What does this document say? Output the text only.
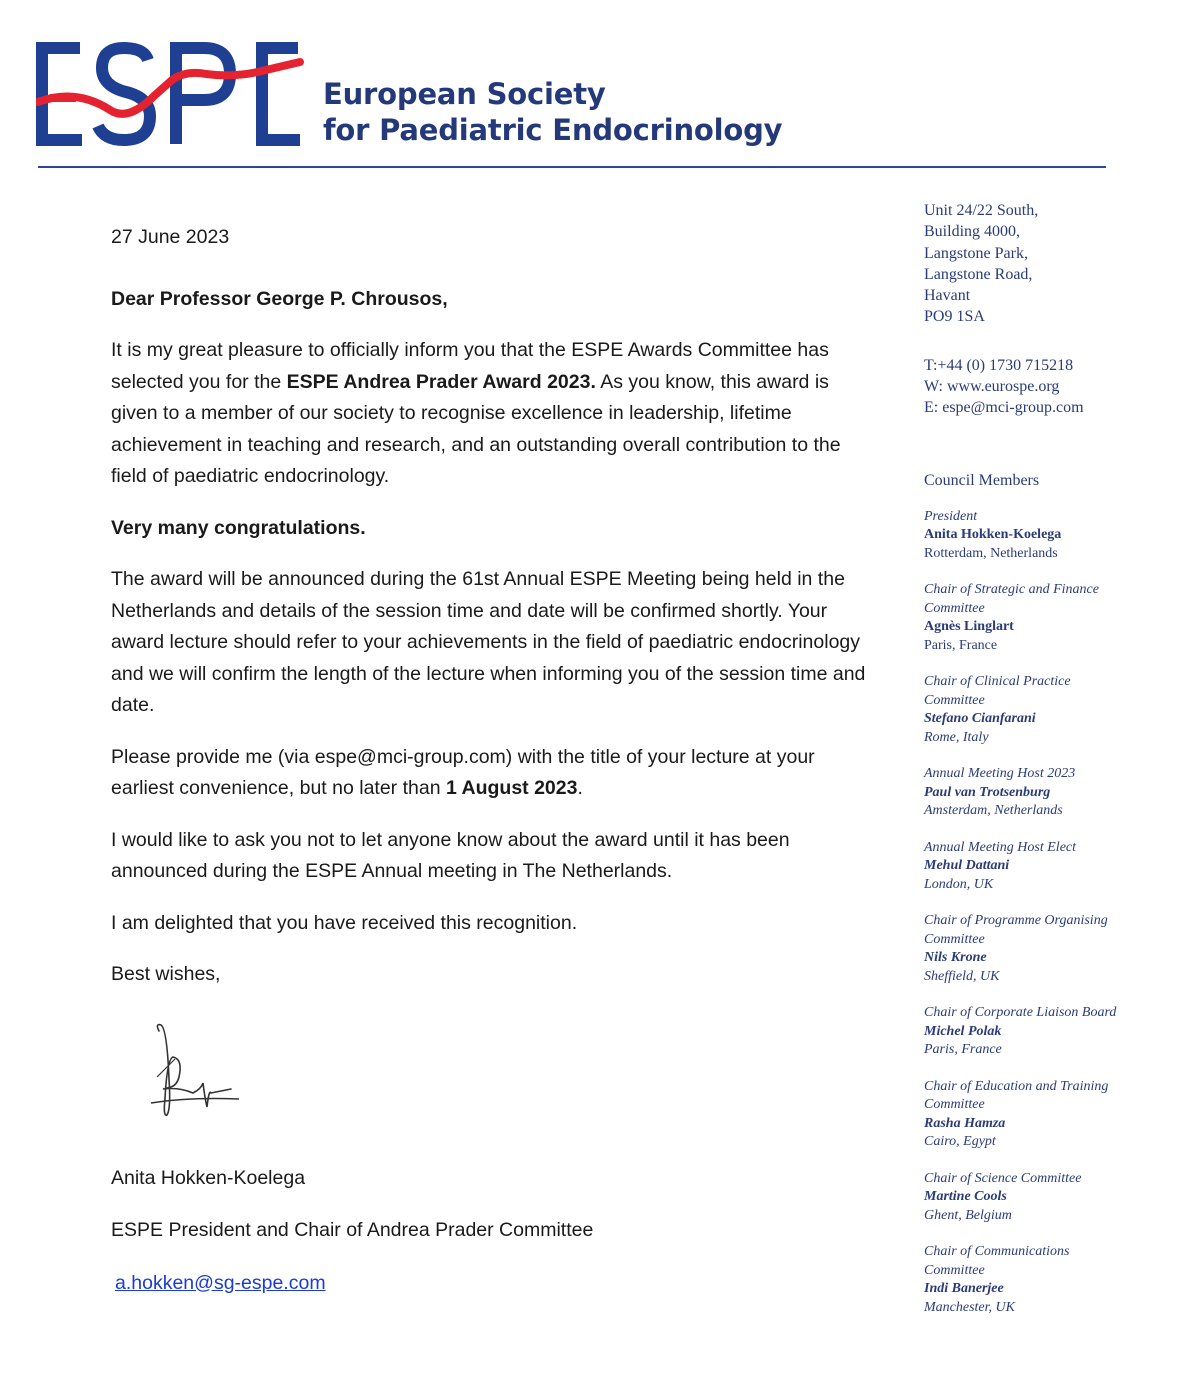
European Society
for Paediatric Endocrinology

27 June 2023

Dear Professor George P. Chrousos,

It is my great pleasure to officially inform you that the ESPE Awards Committee has selected you for the ESPE Andrea Prader Award 2023. As you know, this award is given to a member of our society to recognise excellence in leadership, lifetime achievement in teaching and research, and an outstanding overall contribution to the field of paediatric endocrinology.

Very many congratulations.

The award will be announced during the 61st Annual ESPE Meeting being held in the Netherlands and details of the session time and date will be confirmed shortly. Your award lecture should refer to your achievements in the field of paediatric endocrinology and we will confirm the length of the lecture when informing you of the session time and date.

Please provide me (via espe@mci-group.com) with the title of your lecture at your earliest convenience, but no later than 1 August 2023.

I would like to ask you not to let anyone know about the award until it has been announced during the ESPE Annual meeting in The Netherlands.

I am delighted that you have received this recognition.

Best wishes,

Anita Hokken-Koelega

ESPE President and Chair of Andrea Prader Committee

a.hokken@sg-espe.com

Unit 24/22 South,
Building 4000,
Langstone Park,
Langstone Road,
Havant
PO9 1SA
T:+44 (0) 1730 715218
W: www.eurospe.org
E: espe@mci-group.com
Council Members
President
Anita Hokken-Koelega
Rotterdam, Netherlands
Chair of Strategic and Finance
Committee
Agnès Linglart
Paris, France
Chair of Clinical Practice
Committee
Stefano Cianfarani
Rome, Italy
Annual Meeting Host 2023
Paul van Trotsenburg
Amsterdam, Netherlands
Annual Meeting Host Elect
Mehul Dattani
London, UK
Chair of Programme Organising
Committee
Nils Krone
Sheffield, UK
Chair of Corporate Liaison Board
Michel Polak
Paris, France
Chair of Education and Training
Committee
Rasha Hamza
Cairo, Egypt
Chair of Science Committee
Martine Cools
Ghent, Belgium
Chair of Communications
Committee
Indi Banerjee
Manchester, UK
